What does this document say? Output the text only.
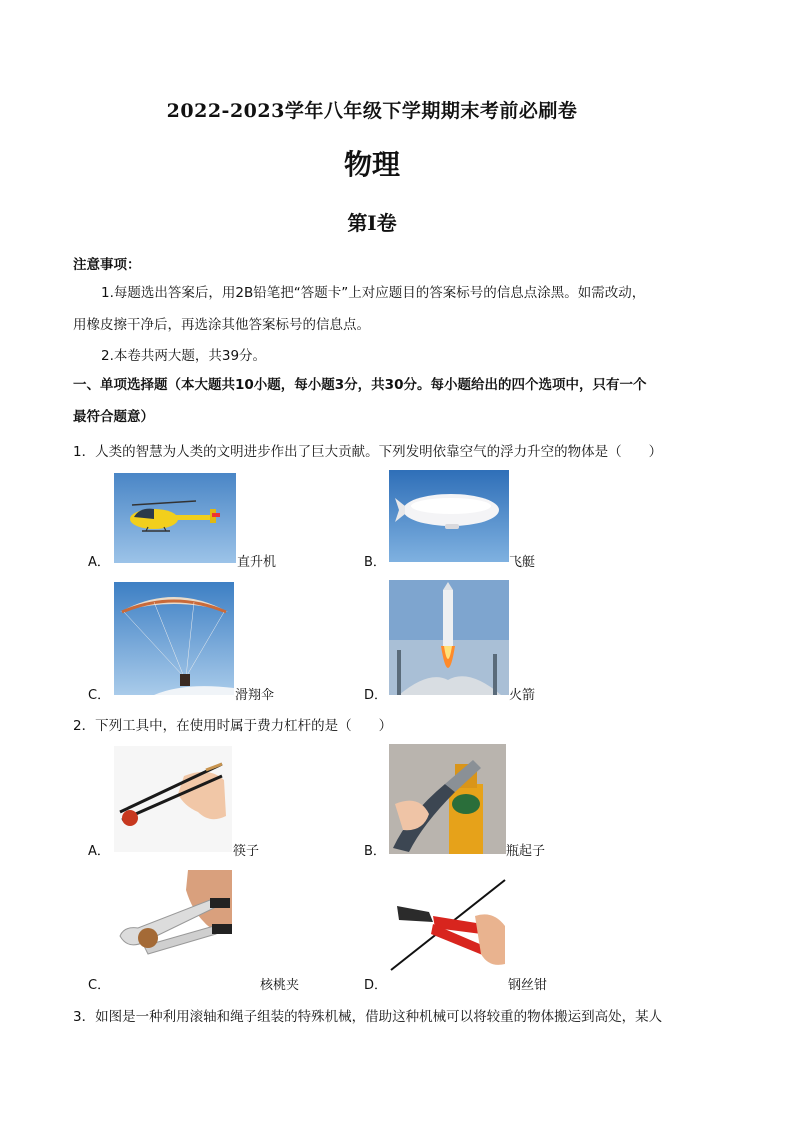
2022-2023学年八年级下学期期末考前必刷卷
物理
第Ⅰ卷
注意事项：
1.每题选出答案后，用2B铅笔把“答题卡”上对应题目的答案标号的信息点涂黑。如需改动，
用橡皮擦干净后，再选涂其他答案标号的信息点。
2.本卷共两大题，共39分。
一、单项选择题（本大题共10小题，每小题3分，共30分。每小题给出的四个选项中，只有一个
最符合题意）
1．人类的智慧为人类的文明进步作出了巨大贡献。下列发明依靠空气的浮力升空的物体是（　　）
A．	直升机	B．	飞艇
C．	滑翔伞	D．	火箭
2．下列工具中，在使用时属于费力杠杆的是（　　）
A．	筷子	B．	瓶起子
C．	核桃夹	D．	钢丝钳
3．如图是一种利用滚轴和绳子组装的特殊机械，借助这种机械可以将较重的物体搬运到高处，某人
